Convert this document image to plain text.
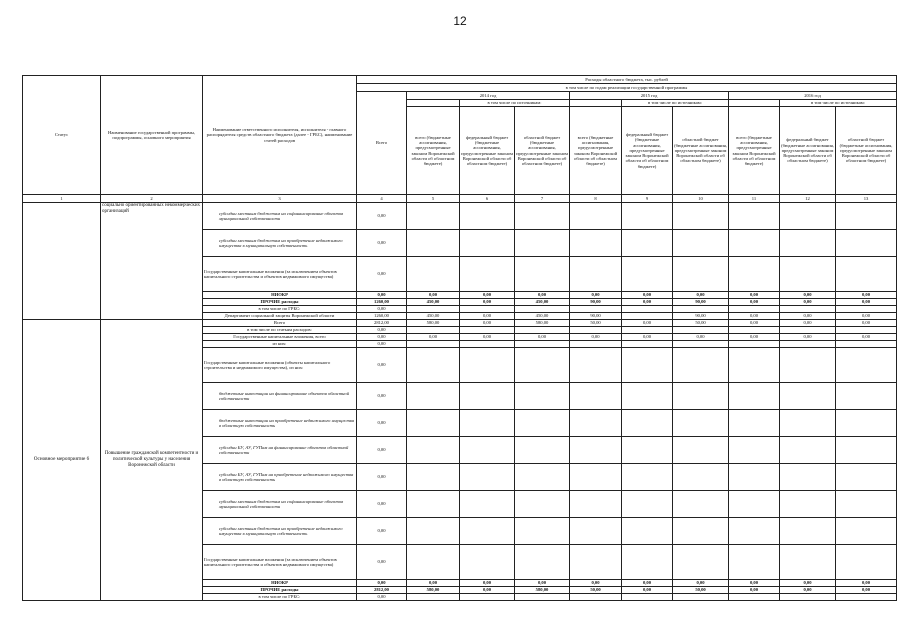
12
Статус	Наименование государственной программы, подпрограммы, основного мероприятия	Наименование ответственного исполнителя, исполнителя - главного распорядителя средств областного бюджета (далее - ГРБС), наименование статей расходов	Расходы областного бюджета, тыс. рублей									
			в том числе по годам реализации государственной программы									
			Всего	2014 год			2015 год			2016 год		
					в том числе по источникам:			в том числе по источникам:			в том числе по источникам:	
				всего (бюджетные ассигнования, предусмотренные законом Воронежской области об областном бюджете)	федеральный бюджет (бюджетные ассигнования, предусмотренные законом Воронежской области об областном бюджете)	областной бюджет (бюджетные ассигнования, предусмотренные законом Воронежской области об областном бюджете)	всего (бюджетные ассигнования, предусмотренные законом Воронежской области об областном бюджете)	федеральный бюджет (бюджетные ассигнования, предусмотренные законом Воронежской области об областном бюджете)	областной бюджет (бюджетные ассигнования, предусмотренные законом Воронежской области об областном бюджете)	всего (бюджетные ассигнования, предусмотренные законом Воронежской области об областном бюджете)	федеральный бюджет (бюджетные ассигнования, предусмотренные законом Воронежской области об областном бюджете)	областной бюджет (бюджетные ассигнования, предусмотренные законом Воронежской области об областном бюджете)
1	2	3	4	5	6	7	8	9	10	11	12	13
	социально ориентированных некоммерческих организаций	субсидии местным бюджетам на софинансирование объектов муниципальной собственности	0,00									
		субсидии местным бюджетам на приобретение недвижимого имущества в муниципальную собственность	0,00									
		Государственные капитальные вложения (за исключением объектов капитального строительства и объектов недвижимого имущества)	0,00									
		НИОКР	0,00	0,00	0,00	0,00	0,00	0,00	0,00	0,00	0,00	0,00
		ПРОЧИЕ расходы	1260,00	450,00	0,00	450,00	90,00	0,00	90,00	0,00	0,00	0,00
		в том числе по ГРБС:	0,00									
		Департамент социальной защиты Воронежской области	1260,00	450,00	0,00	450,00	90,00		90,00	0,00	0,00	0,00
Основное мероприятие 6	Повышение гражданской компетентности и политической культуры у населения Воронежской области	Всего	2812,00	580,00	0,00	580,00	50,00	0,00	50,00	0,00	0,00	0,00
		в том числе по статьям расходов:	0,00									
		Государственные капитальные вложения, всего	0,00	0,00	0,00	0,00	0,00	0,00	0,00	0,00	0,00	0,00
		из них:	0,00									
		Государственные капитальные вложения (объекты капитального строительства и недвижимого имущества), из них:	0,00									
		бюджетные инвестиции на финансирование объектов областной собственности	0,00									
		бюджетные инвестиции на приобретение недвижимого имущества в областную собственность	0,00									
		субсидии БУ, АУ, ГУПам на финансирование объектов областной собственности	0,00									
		субсидии БУ, АУ, ГУПам на приобретение недвижимого имущества в областную собственность	0,00									
		субсидии местным бюджетам на софинансирование объектов муниципальной собственности	0,00									
		субсидии местным бюджетам на приобретение недвижимого имущества в муниципальную собственность	0,00									
		Государственные капитальные вложения (за исключением объектов капитального строительства и объектов недвижимого имущества)	0,00									
		НИОКР	0,00	0,00	0,00	0,00	0,00	0,00	0,00	0,00	0,00	0,00
		ПРОЧИЕ расходы	2812,00	580,00	0,00	580,00	50,00	0,00	50,00	0,00	0,00	0,00
		в том числе по ГРБС:	0,00									
